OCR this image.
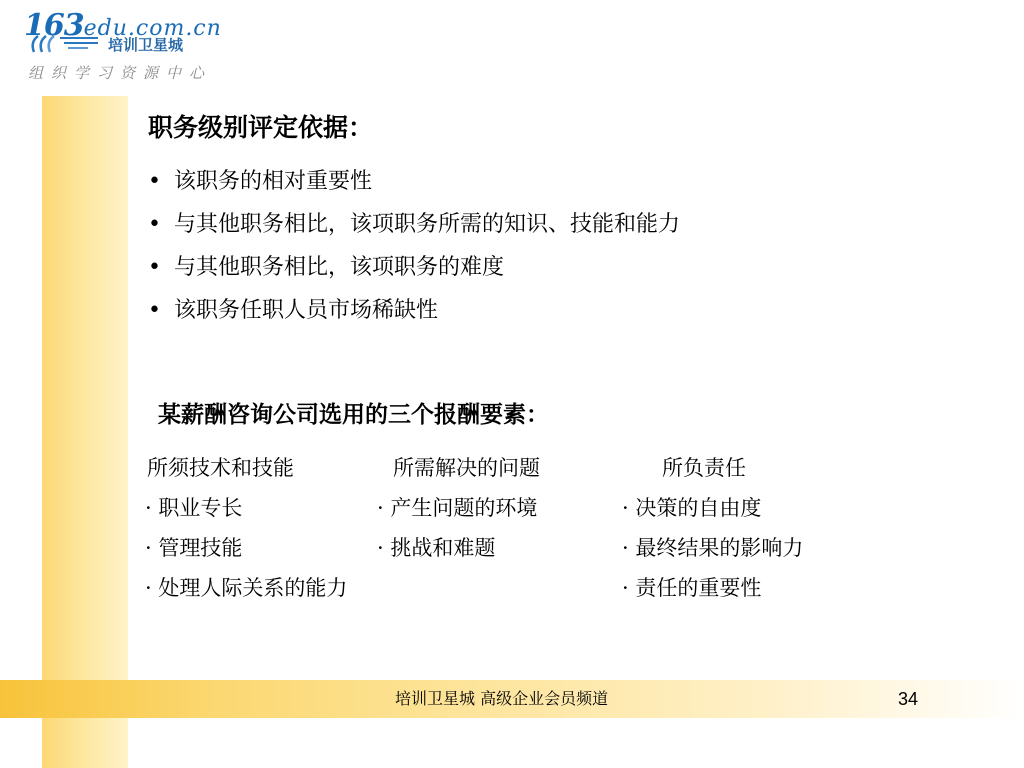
163edu.com.cn
培训卫星城
组织学习资源中心
职务级别评定依据：
• 该职务的相对重要性
• 与其他职务相比，该项职务所需的知识、技能和能力
• 与其他职务相比，该项职务的难度
• 该职务任职人员市场稀缺性
某薪酬咨询公司选用的三个报酬要素：
所须技术和技能
· 职业专长
· 管理技能
· 处理人际关系的能力
所需解决的问题
· 产生问题的环境
· 挑战和难题
所负责任
· 决策的自由度
· 最终结果的影响力
· 责任的重要性
培训卫星城 高级企业会员频道	34
